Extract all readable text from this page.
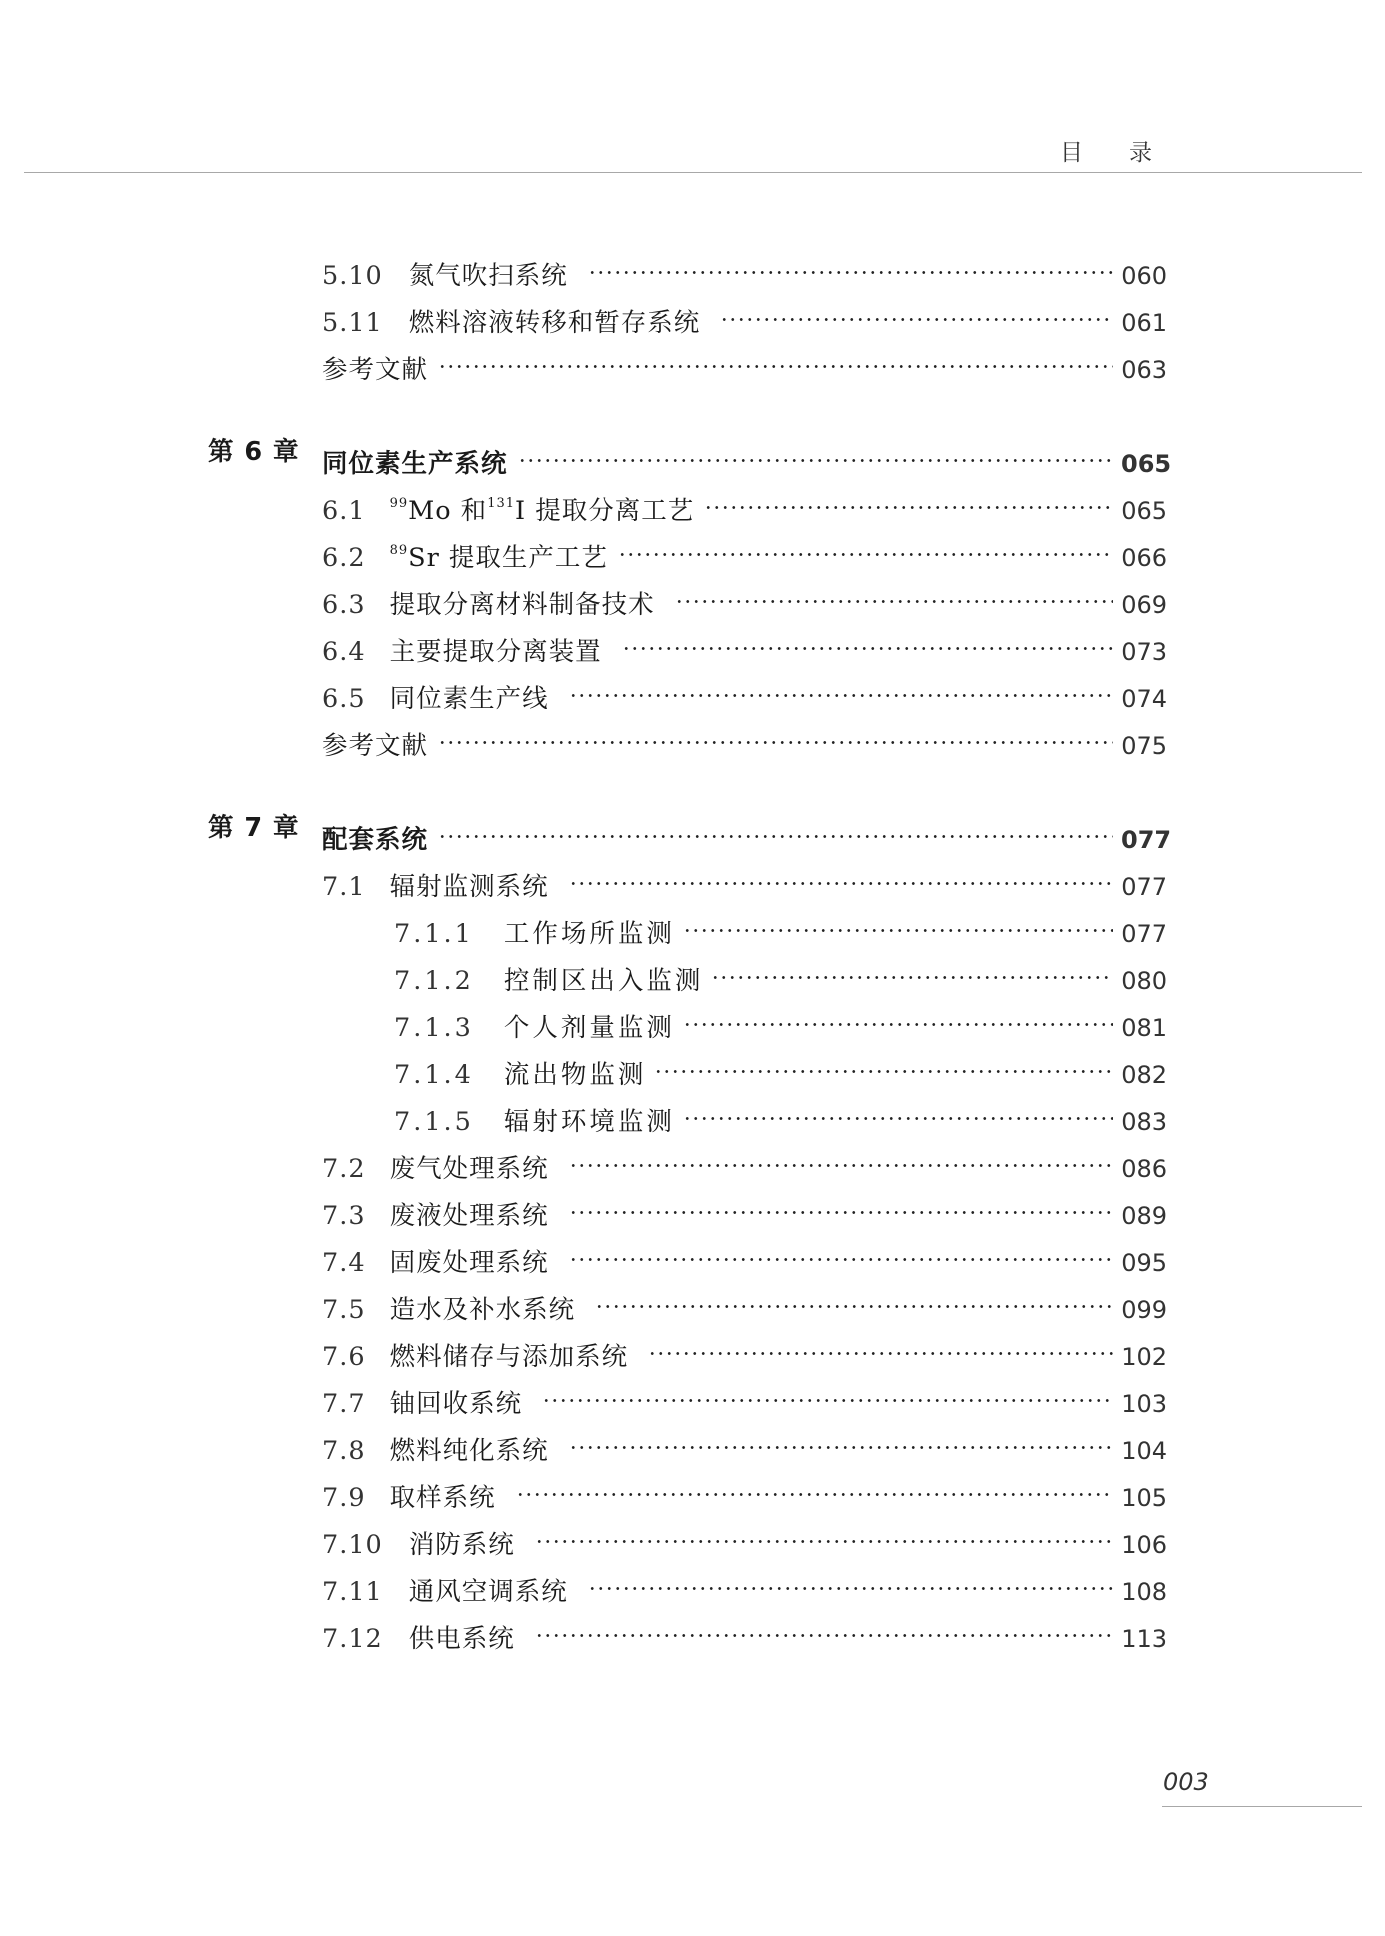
目录
5.10 氮气吹扫系统	060
5.11 燃料溶液转移和暂存系统	061
参考文献	063
第 6 章 同位素生产系统	065
6.1 $^{99}$Mo 和$^{131}$I 提取分离工艺	065
6.2 $^{89}$Sr 提取生产工艺	066
6.3 提取分离材料制备技术	069
6.4 主要提取分离装置	073
6.5 同位素生产线	074
参考文献	075
第 7 章 配套系统	077
7.1 辐射监测系统	077
7.1.1 工作场所监测	077
7.1.2 控制区出入监测	080
7.1.3 个人剂量监测	081
7.1.4 流出物监测	082
7.1.5 辐射环境监测	083
7.2 废气处理系统	086
7.3 废液处理系统	089
7.4 固废处理系统	095
7.5 造水及补水系统	099
7.6 燃料储存与添加系统	102
7.7 铀回收系统	103
7.8 燃料纯化系统	104
7.9 取样系统	105
7.10 消防系统	106
7.11 通风空调系统	108
7.12 供电系统	113
003
